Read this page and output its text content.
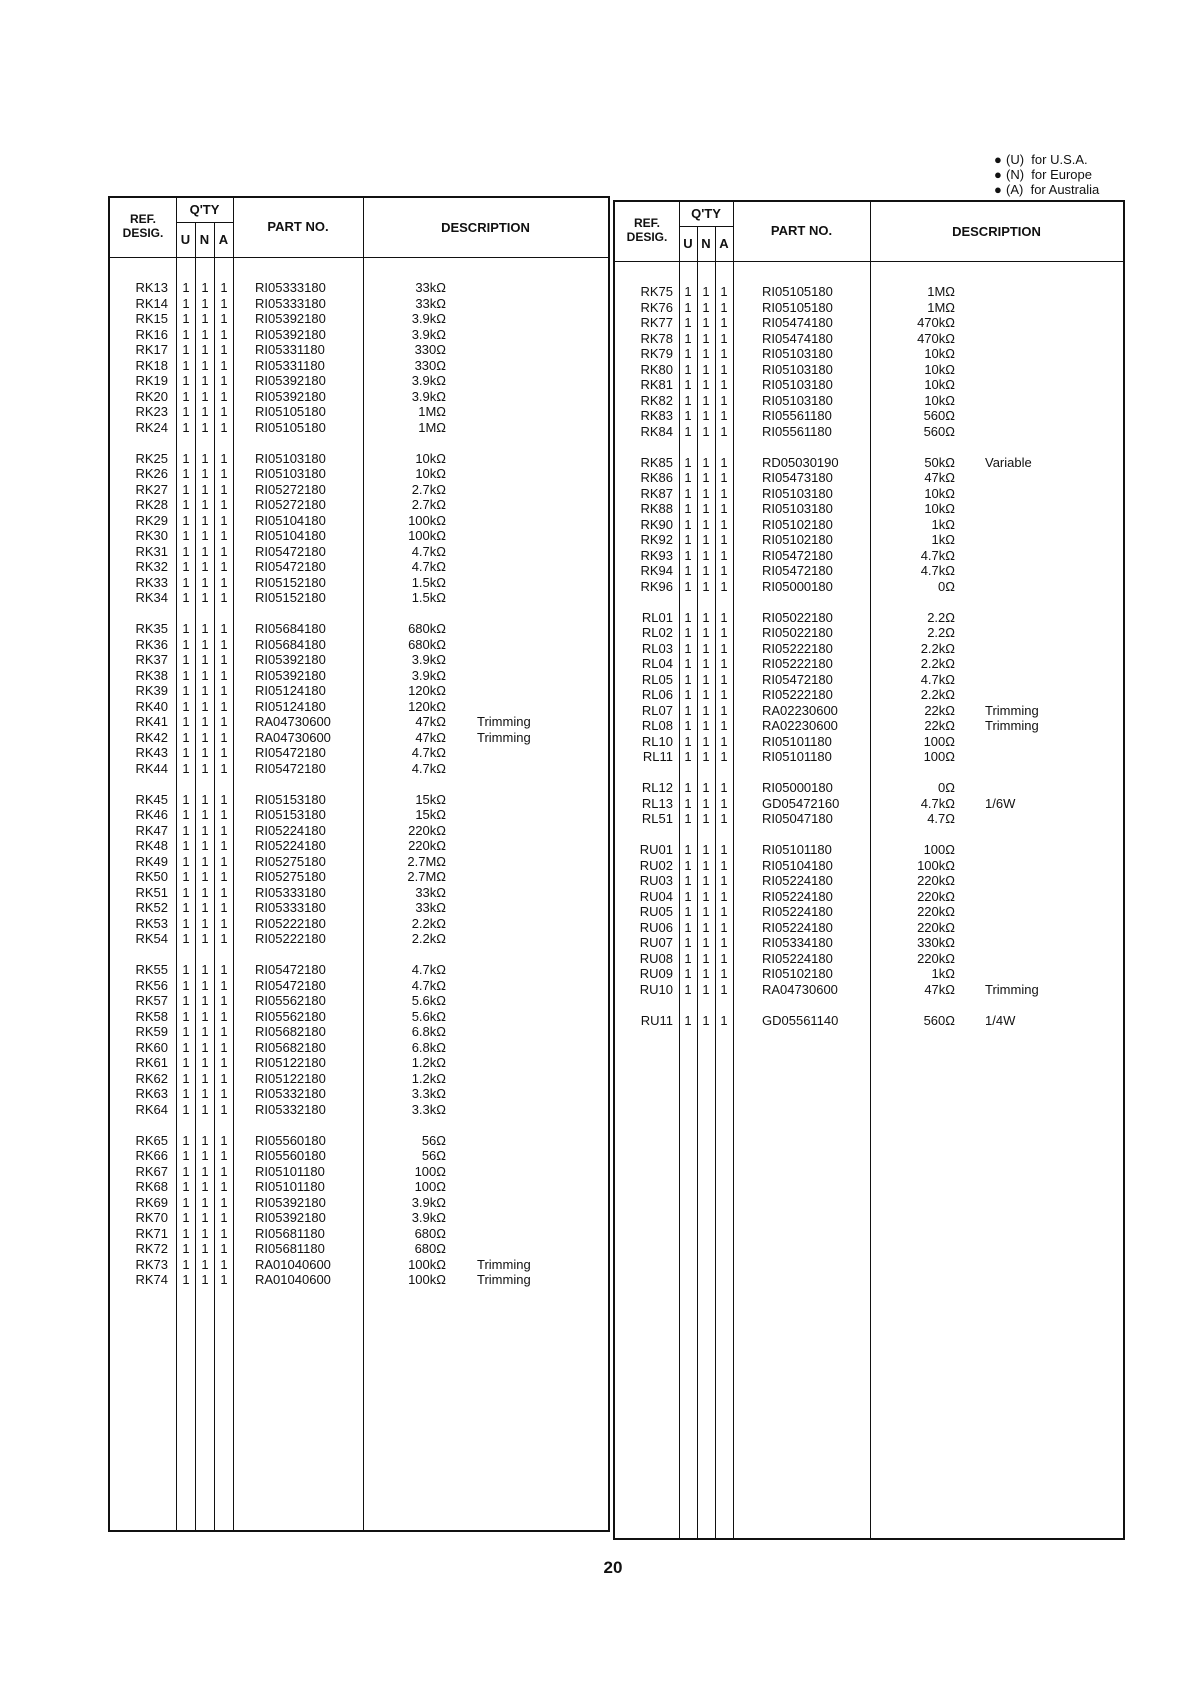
● (U) for U.S.A.
● (N) for Europe
● (A) for Australia
REF.
DESIG.
Q'TY
U N A
PART NO.	DESCRIPTION
RK13 1 1 1 RI05333180	33kΩ
RK14 1 1 1 RI05333180	33kΩ
RK15 1 1 1 RI05392180	3.9kΩ
RK16 1 1 1 RI05392180	3.9kΩ
RK17 1 1 1 RI05331180	330Ω
RK18 1 1 1 RI05331180	330Ω
RK19 1 1 1 RI05392180	3.9kΩ
RK20 1 1 1 RI05392180	3.9kΩ
RK23 1 1 1 RI05105180	1MΩ
RK24 1 1 1 RI05105180	1MΩ
RK25 1 1 1 RI05103180	10kΩ
RK26 1 1 1 RI05103180	10kΩ
RK27 1 1 1 RI05272180	2.7kΩ
RK28 1 1 1 RI05272180	2.7kΩ
RK29 1 1 1 RI05104180	100kΩ
RK30 1 1 1 RI05104180	100kΩ
RK31 1 1 1 RI05472180	4.7kΩ
RK32 1 1 1 RI05472180	4.7kΩ
RK33 1 1 1 RI05152180	1.5kΩ
RK34 1 1 1 RI05152180	1.5kΩ
RK35 1 1 1 RI05684180	680kΩ
RK36 1 1 1 RI05684180	680kΩ
RK37 1 1 1 RI05392180	3.9kΩ
RK38 1 1 1 RI05392180	3.9kΩ
RK39 1 1 1 RI05124180	120kΩ
RK40 1 1 1 RI05124180	120kΩ
RK41 1 1 1 RA04730600	47kΩ Trimming
RK42 1 1 1 RA04730600	47kΩ Trimming
RK43 1 1 1 RI05472180	4.7kΩ
RK44 1 1 1 RI05472180	4.7kΩ
RK45 1 1 1 RI05153180	15kΩ
RK46 1 1 1 RI05153180	15kΩ
RK47 1 1 1 RI05224180	220kΩ
RK48 1 1 1 RI05224180	220kΩ
RK49 1 1 1 RI05275180	2.7MΩ
RK50 1 1 1 RI05275180	2.7MΩ
RK51 1 1 1 RI05333180	33kΩ
RK52 1 1 1 RI05333180	33kΩ
RK53 1 1 1 RI05222180	2.2kΩ
RK54 1 1 1 RI05222180	2.2kΩ
RK55 1 1 1 RI05472180	4.7kΩ
RK56 1 1 1 RI05472180	4.7kΩ
RK57 1 1 1 RI05562180	5.6kΩ
RK58 1 1 1 RI05562180	5.6kΩ
RK59 1 1 1 RI05682180	6.8kΩ
RK60 1 1 1 RI05682180	6.8kΩ
RK61 1 1 1 RI05122180	1.2kΩ
RK62 1 1 1 RI05122180	1.2kΩ
RK63 1 1 1 RI05332180	3.3kΩ
RK64 1 1 1 RI05332180	3.3kΩ
RK65 1 1 1 RI05560180	56Ω
RK66 1 1 1 RI05560180	56Ω
RK67 1 1 1 RI05101180	100Ω
RK68 1 1 1 RI05101180	100Ω
RK69 1 1 1 RI05392180	3.9kΩ
RK70 1 1 1 RI05392180	3.9kΩ
RK71 1 1 1 RI05681180	680Ω
RK72 1 1 1 RI05681180	680Ω
RK73 1 1 1 RA01040600	100kΩ Trimming
RK74 1 1 1 RA01040600	100kΩ Trimming
REF.
DESIG.
Q'TY
U N A
PART NO.	DESCRIPTION
RK75 1 1 1	RI05105180	1MΩ
RK76 1 1 1	RI05105180	1MΩ
RK77 1 1 1	RI05474180	470kΩ
RK78 1 1 1	RI05474180	470kΩ
RK79 1 1 1	RI05103180	10kΩ
RK80 1 1 1	RI05103180	10kΩ
RK81 1 1 1	RI05103180	10kΩ
RK82 1 1 1	RI05103180	10kΩ
RK83 1 1 1	RI05561180	560Ω
RK84 1 1 1	RI05561180	560Ω
RK85 1 1 1	RD05030190	50kΩ Variable
RK86 1 1 1	RI05473180	47kΩ
RK87 1 1 1	RI05103180	10kΩ
RK88 1 1 1	RI05103180	10kΩ
RK90 1 1 1	RI05102180	1kΩ
RK92 1 1 1	RI05102180	1kΩ
RK93 1 1 1	RI05472180	4.7kΩ
RK94 1 1 1	RI05472180	4.7kΩ
RK96 1 1 1	RI05000180	0Ω
RL01 1 1 1	RI05022180	2.2Ω
RL02 1 1 1	RI05022180	2.2Ω
RL03 1 1 1	RI05222180	2.2kΩ
RL04 1 1 1	RI05222180	2.2kΩ
RL05 1 1 1	RI05472180	4.7kΩ
RL06 1 1 1	RI05222180	2.2kΩ
RL07 1 1 1	RA02230600	22kΩ Trimming
RL08 1 1 1	RA02230600	22kΩ Trimming
RL10 1 1 1	RI05101180	100Ω
RL11 1 1 1	RI05101180	100Ω
RL12 1 1 1	RI05000180	0Ω
RL13 1 1 1	GD05472160	4.7kΩ 1/6W
RL51 1 1 1	RI05047180	4.7Ω
RU01 1 1 1	RI05101180	100Ω
RU02 1 1 1	RI05104180	100kΩ
RU03 1 1 1	RI05224180	220kΩ
RU04 1 1 1	RI05224180	220kΩ
RU05 1 1 1	RI05224180	220kΩ
RU06 1 1 1	RI05224180	220kΩ
RU07 1 1 1	RI05334180	330kΩ
RU08 1 1 1	RI05224180	220kΩ
RU09 1 1 1	RI05102180	1kΩ
RU10 1 1 1	RA04730600	47kΩ Trimming
RU11 1 1 1	GD05561140	560Ω 1/4W
20
